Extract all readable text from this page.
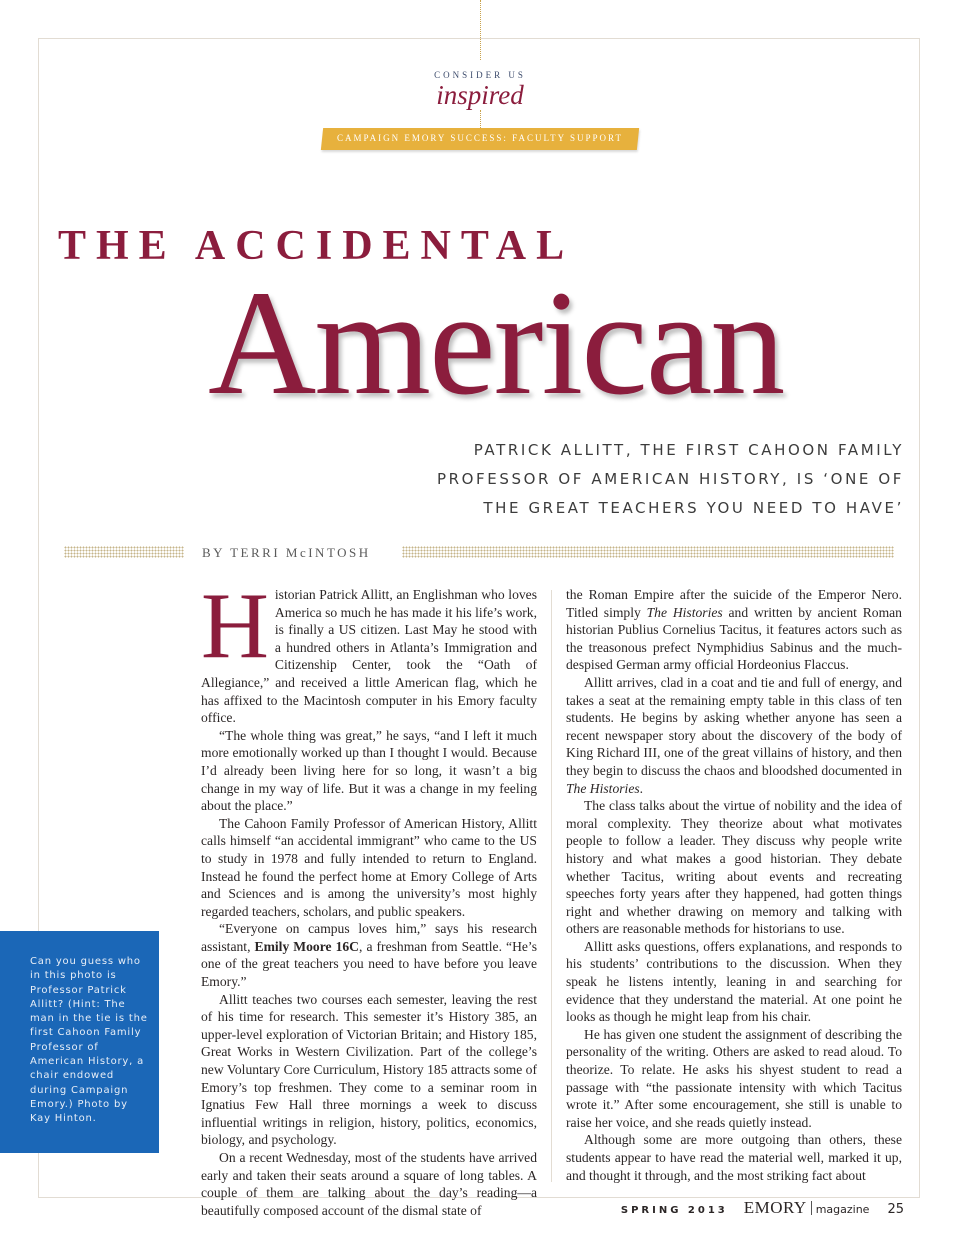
CONSIDER US
inspired
CAMPAIGN EMORY SUCCESS: FACULTY SUPPORT
THE ACCIDENTAL
American
PATRICK ALLITT, THE FIRST CAHOON FAMILY PROFESSOR OF AMERICAN HISTORY, IS ‘ONE OF THE GREAT TEACHERS YOU NEED TO HAVE’
BY TERRI McINTOSH

Historian Patrick Allitt, an Englishman who loves America so much he has made it his life’s work, is finally a US citizen. Last May he stood with a hundred others in Atlanta’s Immigration and Citizenship Center, took the “Oath of Allegiance,” and received a little American flag, which he has affixed to the Macintosh computer in his Emory faculty office.

“The whole thing was great,” he says, “and I left it much more emotionally worked up than I thought I would. Because I’d already been living here for so long, it wasn’t a big change in my way of life. But it was a change in my feeling about the place.”

The Cahoon Family Professor of American History, Allitt calls himself “an accidental immigrant” who came to the US to study in 1978 and fully intended to return to England. Instead he found the perfect home at Emory College of Arts and Sciences and is among the university’s most highly regarded teachers, scholars, and public speakers.

“Everyone on campus loves him,” says his research assistant, Emily Moore 16C, a freshman from Seattle. “He’s one of the great teachers you need to have before you leave Emory.”

Allitt teaches two courses each semester, leaving the rest of his time for research. This semester it’s History 385, an upper-level exploration of Victorian Britain; and History 185, Great Works in Western Civilization. Part of the college’s new Voluntary Core Curriculum, History 185 attracts some of Emory’s top freshmen. They come to a seminar room in Ignatius Few Hall three mornings a week to discuss influential writings in religion, history, politics, economics, biology, and psychology.

On a recent Wednesday, most of the students have arrived early and taken their seats around a square of long tables. A couple of them are talking about the day’s reading—a beautifully composed account of the dismal state of

the Roman Empire after the suicide of the Emperor Nero. Titled simply The Histories and written by ancient Roman historian Publius Cornelius Tacitus, it features actors such as the treasonous prefect Nymphidius Sabinus and the much-despised German army official Hordeonius Flaccus.

Allitt arrives, clad in a coat and tie and full of energy, and takes a seat at the remaining empty table in this class of ten students. He begins by asking whether anyone has seen a recent newspaper story about the discovery of the body of King Richard III, one of the great villains of history, and then they begin to discuss the chaos and bloodshed documented in The Histories.

The class talks about the virtue of nobility and the idea of moral complexity. They theorize about what motivates people to follow a leader. They discuss why people write history and what makes a good historian. They debate whether Tacitus, writing about events and recreating speeches forty years after they happened, had gotten things right and whether drawing on memory and talking with others are reasonable methods for historians to use.

Allitt asks questions, offers explanations, and responds to his students’ contributions to the discussion. When they speak he listens intently, leaning in and searching for evidence that they understand the material. At one point he looks as though he might leap from his chair.

He has given one student the assignment of describing the personality of the writing. Others are asked to read aloud. To theorize. To relate. He asks his shyest student to read a passage with “the passionate intensity with which Tacitus wrote it.” After some encouragement, she still is unable to raise her voice, and she reads quietly instead.

Although some are more outgoing than others, these students appear to have read the material well, marked it up, and thought it through, and the most striking fact about

Can you guess who in this photo is Professor Patrick Allitt? (Hint: The man in the tie is the first Cahoon Family Professor of American History, a chair endowed during Campaign Emory.) Photo by Kay Hinton.
SPRING 2013 EMORY magazine 25
